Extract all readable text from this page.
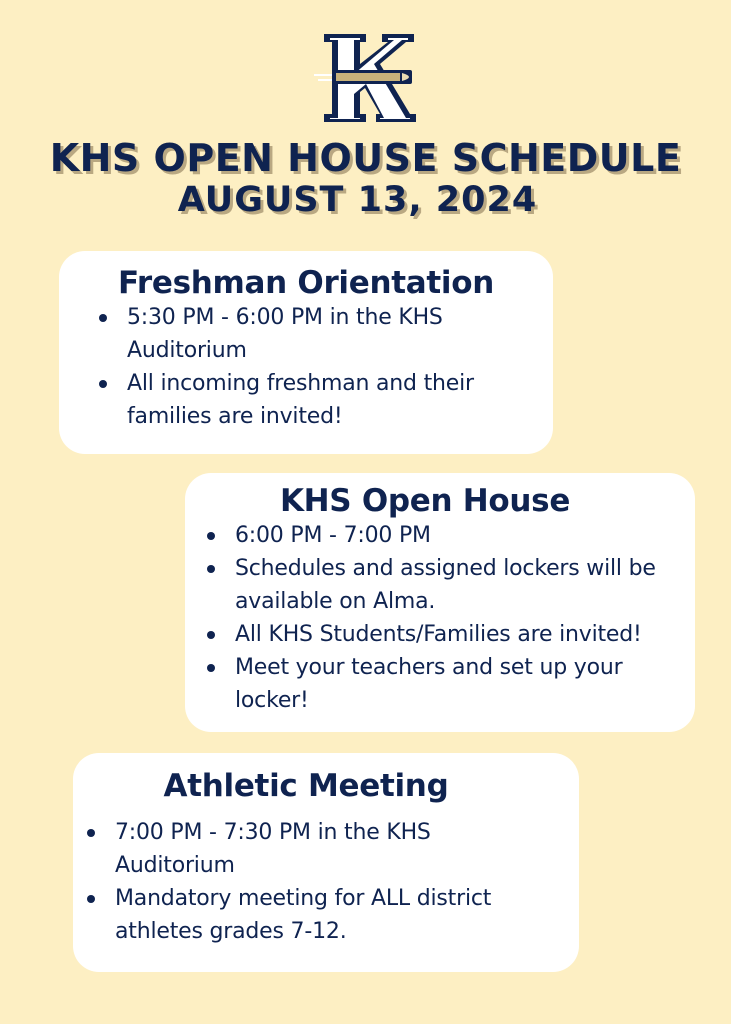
KHS OPEN HOUSE SCHEDULE
AUGUST 13, 2024
Freshman Orientation
5:30 PM - 6:00 PM in the KHS Auditorium
All incoming freshman and their families are invited!
KHS Open House
6:00 PM - 7:00 PM
Schedules and assigned lockers will be available on Alma.
All KHS Students/Families are invited!
Meet your teachers and set up your locker!
Athletic Meeting
7:00 PM - 7:30 PM in the KHS Auditorium
Mandatory meeting for ALL district athletes grades 7-12.
